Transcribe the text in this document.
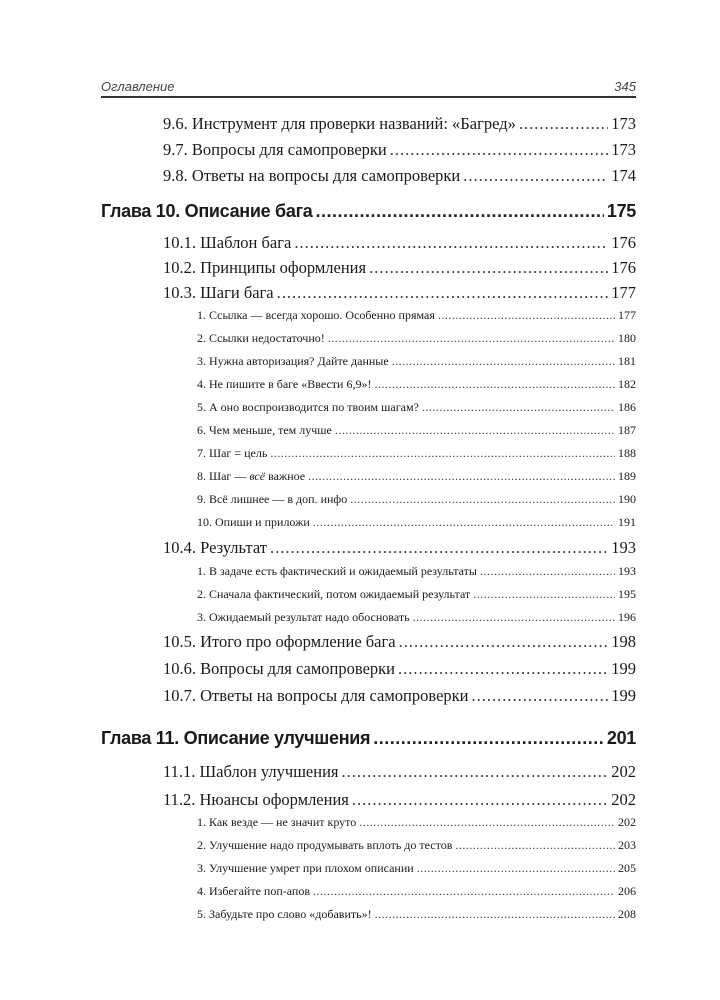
Оглавление	345
9.6. Инструмент для проверки названий: «Багред» .....	173
9.7. Вопросы для самопроверки .....	173
9.8. Ответы на вопросы для самопроверки .....	174
Глава 10. Описание бага .....	175
10.1. Шаблон бага .....	176
10.2. Принципы оформления .....	176
10.3. Шаги бага .....	177
1. Ссылка — всегда хорошо. Особенно прямая .....	177
2. Ссылки недостаточно! .....	180
3. Нужна авторизация? Дайте данные .....	181
4. Не пишите в баге «Ввести 6,9»! .....	182
5. А оно воспроизводится по твоим шагам? .....	186
6. Чем меньше, тем лучше .....	187
7. Шаг = цель .....	188
8. Шаг — всё важное .....	189
9. Всё лишнее — в доп. инфо .....	190
10. Опиши и приложи .....	191
10.4. Результат .....	193
1. В задаче есть фактический и ожидаемый результаты .....	193
2. Сначала фактический, потом ожидаемый результат .....	195
3. Ожидаемый результат надо обосновать .....	196
10.5. Итого про оформление бага .....	198
10.6. Вопросы для самопроверки .....	199
10.7. Ответы на вопросы для самопроверки .....	199
Глава 11. Описание улучшения .....	201
11.1. Шаблон улучшения .....	202
11.2. Нюансы оформления .....	202
1. Как везде — не значит круто .....	202
2. Улучшение надо продумывать вплоть до тестов .....	203
3. Улучшение умрет при плохом описании .....	205
4. Избегайте поп-апов .....	206
5. Забудьте про слово «добавить»! .....	208
